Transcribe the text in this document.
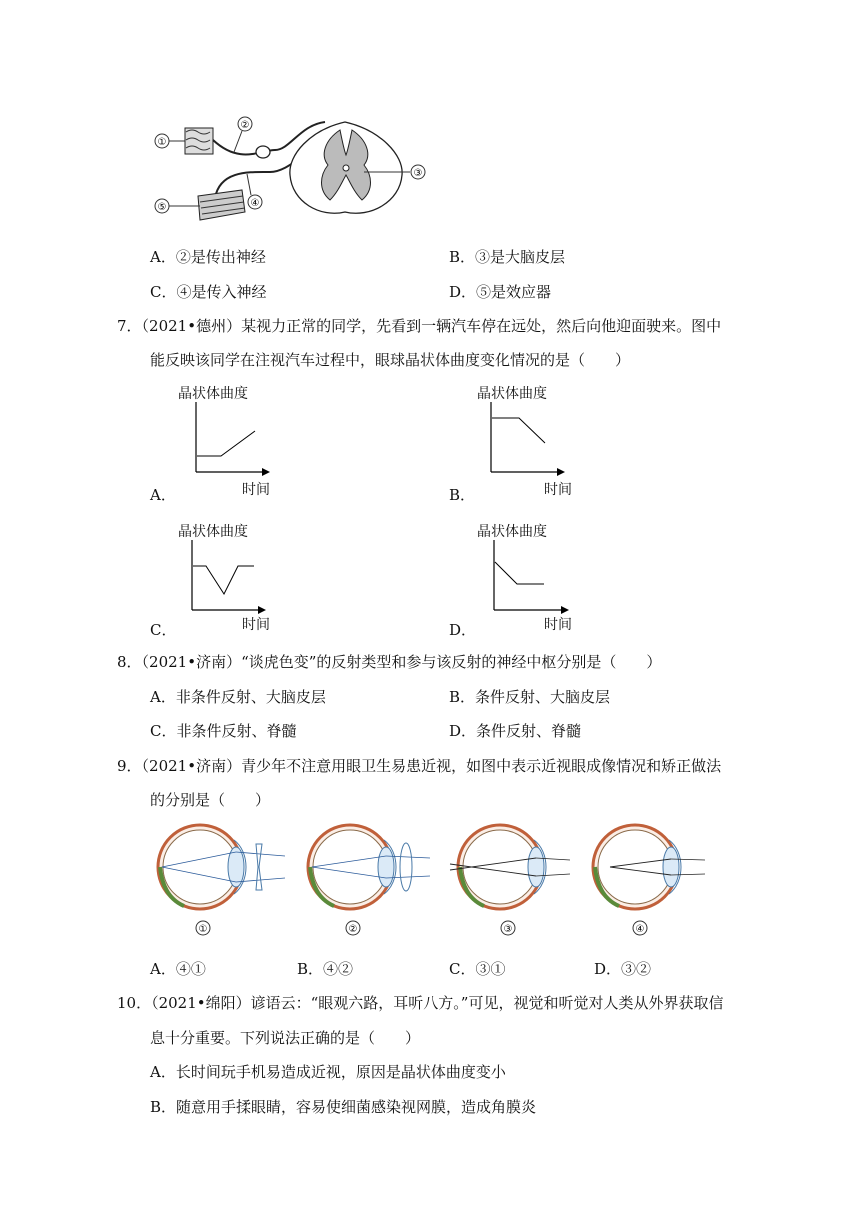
①
②
④
⑤
③
A．②是传出神经	B．③是大脑皮层
C．④是传入神经	D．⑤是效应器
7．（2021•德州）某视力正常的同学，先看到一辆汽车停在远处，然后向他迎面驶来。图中
能反映该同学在注视汽车过程中，眼球晶状体曲度变化情况的是（　　）
晶状体曲度
时间
A．
晶状体曲度
时间
B．
晶状体曲度
时间
C．
晶状体曲度
时间
D．
8．（2021•济南）“谈虎色变”的反射类型和参与该反射的神经中枢分别是（　　）
A．非条件反射、大脑皮层	B．条件反射、大脑皮层
C．非条件反射、脊髓	D．条件反射、脊髓
9．（2021•济南）青少年不注意用眼卫生易患近视，如图中表示近视眼成像情况和矫正做法
的分别是（　　）
①	②	③	④
A．④①	B．④②	C．③①	D．③②
10．（2021•绵阳）谚语云：“眼观六路，耳听八方。”可见，视觉和听觉对人类从外界获取信
息十分重要。下列说法正确的是（　　）
A．长时间玩手机易造成近视，原因是晶状体曲度变小
B．随意用手揉眼睛，容易使细菌感染视网膜，造成角膜炎
